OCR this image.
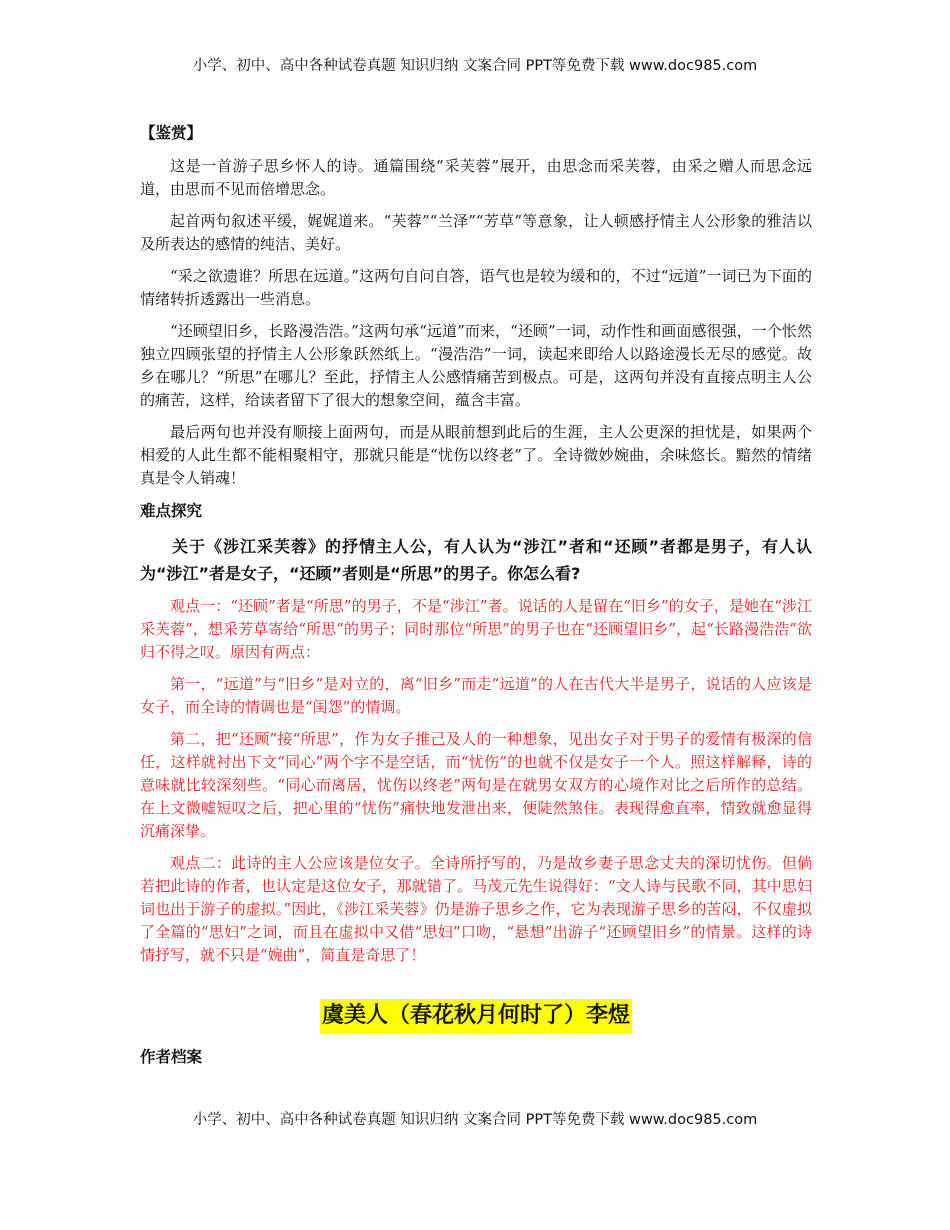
小学、初中、高中各种试卷真题 知识归纳 文案合同 PPT等免费下载 www.doc985.com
【鉴赏】

这是一首游子思乡怀人的诗。通篇围绕“采芙蓉”展开，由思念而采芙蓉，由采之赠人而思念远道，由思而不见而倍增思念。

起首两句叙述平缓，娓娓道来。“芙蓉”“兰泽”“芳草”等意象，让人顿感抒情主人公形象的雅洁以及所表达的感情的纯洁、美好。

“采之欲遗谁？所思在远道。”这两句自问自答，语气也是较为缓和的，不过“远道”一词已为下面的情绪转折透露出一些消息。

“还顾望旧乡，长路漫浩浩。”这两句承“远道”而来，“还顾”一词，动作性和画面感很强，一个怅然独立四顾张望的抒情主人公形象跃然纸上。“漫浩浩”一词，读起来即给人以路途漫长无尽的感觉。故乡在哪儿？“所思”在哪儿？至此，抒情主人公感情痛苦到极点。可是，这两句并没有直接点明主人公的痛苦，这样，给读者留下了很大的想象空间，蕴含丰富。

最后两句也并没有顺接上面两句，而是从眼前想到此后的生涯，主人公更深的担忧是，如果两个相爱的人此生都不能相聚相守，那就只能是“忧伤以终老”了。全诗微妙婉曲，余味悠长。黯然的情绪真是令人销魂！

难点探究

关于《涉江采芙蓉》的抒情主人公，有人认为“涉江”者和“还顾”者都是男子，有人认为“涉江”者是女子，“还顾”者则是“所思”的男子。你怎么看?

观点一：“还顾”者是“所思”的男子，不是“涉江”者。说话的人是留在“旧乡”的女子，是她在“涉江采芙蓉”，想采芳草寄给“所思”的男子；同时那位“所思”的男子也在“还顾望旧乡”，起“长路漫浩浩”欲归不得之叹。原因有两点：

第一，“远道”与“旧乡”是对立的，离“旧乡”而走“远道”的人在古代大半是男子，说话的人应该是女子，而全诗的情调也是“闺怨”的情调。

第二，把“还顾”接“所思”，作为女子推己及人的一种想象，见出女子对于男子的爱情有极深的信任，这样就衬出下文“同心”两个字不是空话，而“忧伤”的也就不仅是女子一个人。照这样解释，诗的意味就比较深刻些。“同心而离居，忧伤以终老”两句是在就男女双方的心境作对比之后所作的总结。在上文微嘘短叹之后，把心里的“忧伤”痛快地发泄出来，便陡然煞住。表现得愈直率，情致就愈显得沉痛深挚。

观点二：此诗的主人公应该是位女子。全诗所抒写的，乃是故乡妻子思念丈夫的深切忧伤。但倘若把此诗的作者，也认定是这位女子，那就错了。马茂元先生说得好：“文人诗与民歌不同，其中思妇词也出于游子的虚拟。”因此，《涉江采芙蓉》仍是游子思乡之作，它为表现游子思乡的苦闷，不仅虚拟了全篇的“思妇”之词，而且在虚拟中又借“思妇”口吻，“悬想”出游子“还顾望旧乡”的情景。这样的诗情抒写，就不只是“婉曲”，简直是奇思了！

虞美人（春花秋月何时了）李煜
作者档案
小学、初中、高中各种试卷真题 知识归纳 文案合同 PPT等免费下载 www.doc985.com
